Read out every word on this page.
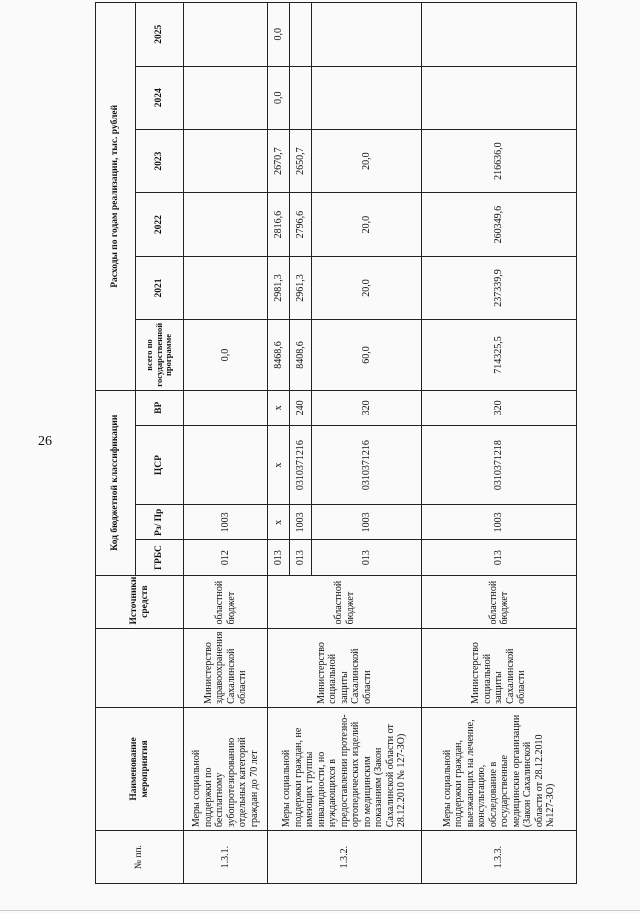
26
№ пп.	Наименование мероприятия		Источники средств	Код бюджетной классификации				Расходы по годам реализации, тыс. рублей					
				ГРБС	Рз/ Пр	ЦСР	ВР	всего по государственной программе	2021	2022	2023	2024	2025
1.3.1.	Меры социальной поддержки по бесплатному зубопротезированию отдельных категорий граждан до 70 лет	Министерство здравоохранения Сахалинской области	областной бюджет	012	1003			0,0					
1.3.2.	Меры социальной поддержки граждан, не имеющих группы инвалидности, но нуждающихся в предоставлении протезно-ортопедических изделий по медицинским показаниям (Закон Сахалинской области от 28.12.2010 № 127-ЗО)	Министерство социальной защиты Сахалинской области	областной бюджет	013	x	x	x	8468,6	2981,3	2816,6	2670,7	0,0	0,0
				013	1003	0310371216	240	8408,6	2961,3	2796,6	2650,7		
				013	1003	0310371216	320	60,0	20,0	20,0	20,0		
1.3.3.	Меры социальной поддержки граждан, выезжающих на лечение, консультацию, обследование в государственные медицинские организации (Закон Сахалинской области от 28.12.2010 №127-ЗО)	Министерство социальной защиты Сахалинской области	областной бюджет	013	1003	0310371218	320	714325,5	237339,9	260349,6	216636,0		
